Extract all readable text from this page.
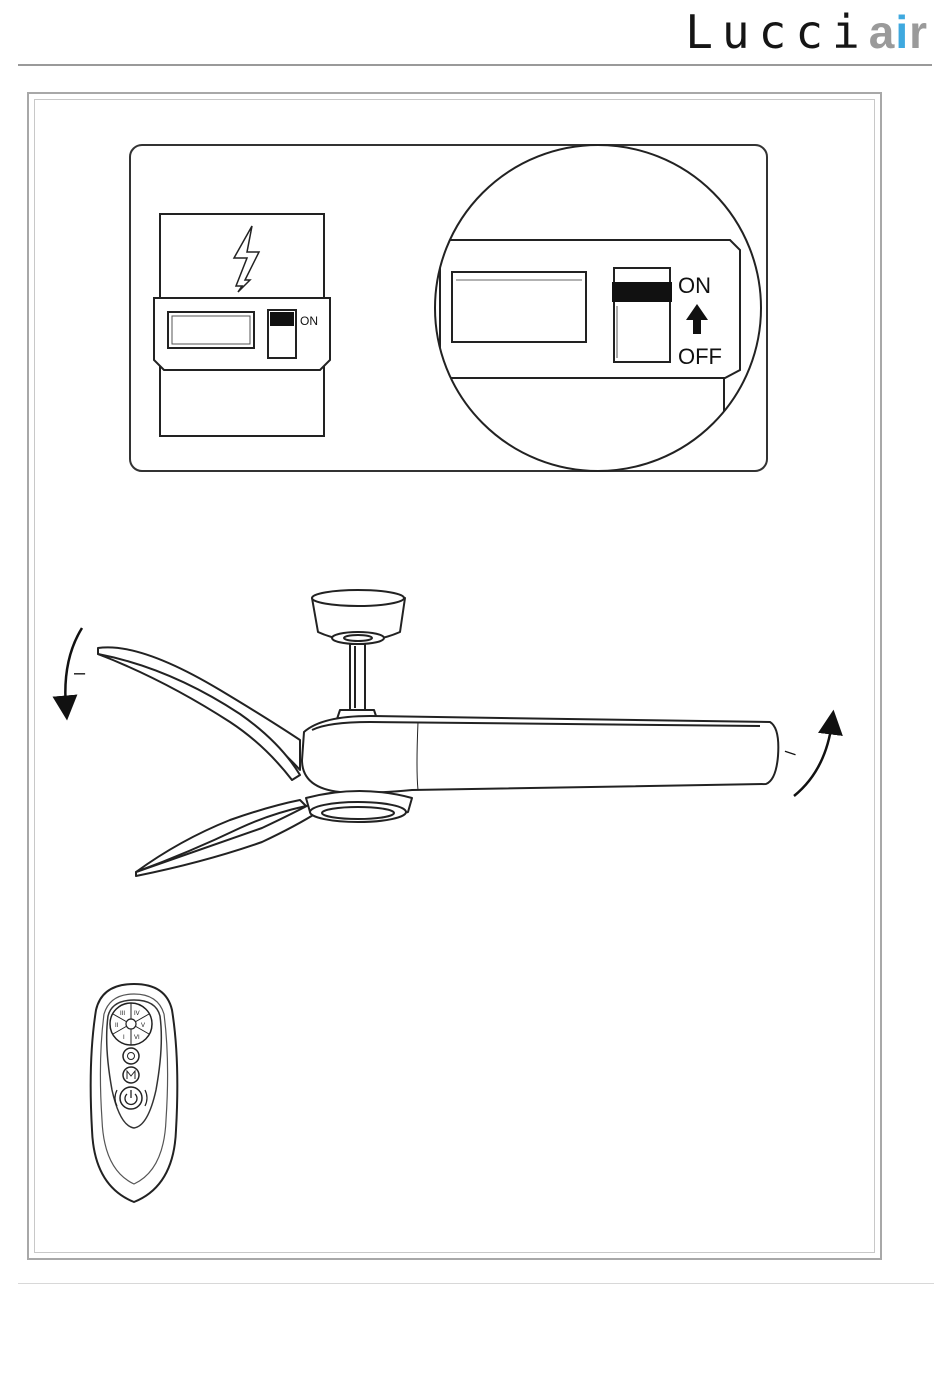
Lucciair
ON
ON
OFF
–
–
III IV
II	V
I VI
